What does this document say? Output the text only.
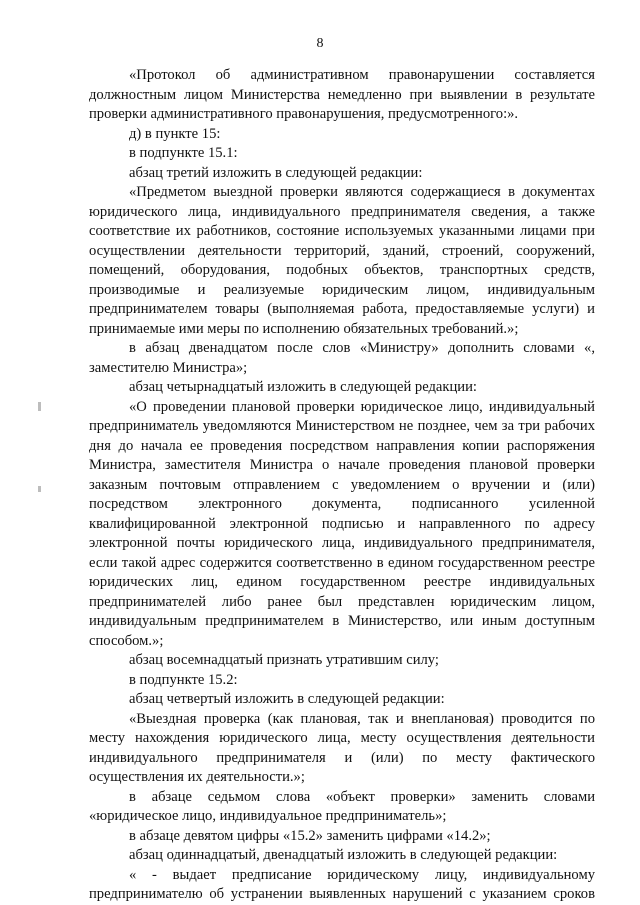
8

«Протокол об административном правонарушении составляется должностным лицом Министерства немедленно при выявлении в результате проверки административного правонарушения, предусмотренного:».

д) в пункте 15:

в подпункте 15.1:

абзац третий изложить в следующей редакции:

«Предметом выездной проверки являются содержащиеся в документах юридического лица, индивидуального предпринимателя сведения, а также соответствие их работников, состояние используемых указанными лицами при осуществлении деятельности территорий, зданий, строений, сооружений, помещений, оборудования, подобных объектов, транспортных средств, производимые и реализуемые юридическим лицом, индивидуальным предпринимателем товары (выполняемая работа, предоставляемые услуги) и принимаемые ими меры по исполнению обязательных требований.»;

в абзац двенадцатом после слов «Министру» дополнить словами «, заместителю Министра»;

абзац четырнадцатый изложить в следующей редакции:

«О проведении плановой проверки юридическое лицо, индивидуальный предприниматель уведомляются Министерством не позднее, чем за три рабочих дня до начала ее проведения посредством направления копии распоряжения Министра, заместителя Министра о начале проведения плановой проверки заказным почтовым отправлением с уведомлением о вручении и (или) посредством электронного документа, подписанного усиленной квалифицированной электронной подписью и направленного по адресу электронной почты юридического лица, индивидуального предпринимателя, если такой адрес содержится соответственно в едином государственном реестре юридических лиц, едином государственном реестре индивидуальных предпринимателей либо ранее был представлен юридическим лицом, индивидуальным предпринимателем в Министерство, или иным доступным способом.»;

абзац восемнадцатый признать утратившим силу;

в подпункте 15.2:

абзац четвертый изложить в следующей редакции:

«Выездная проверка (как плановая, так и внеплановая) проводится по месту нахождения юридического лица, месту осуществления деятельности индивидуального предпринимателя и (или) по месту фактического осуществления их деятельности.»;

в абзаце седьмом слова «объект проверки» заменить словами «юридическое лицо, индивидуальное предприниматель»;

в абзаце девятом цифры «15.2» заменить цифрами «14.2»;

абзац одиннадцатый, двенадцатый изложить в следующей редакции:

« - выдает предписание юридическому лицу, индивидуальному предпринимателю об устранении выявленных нарушений с указанием сроков
